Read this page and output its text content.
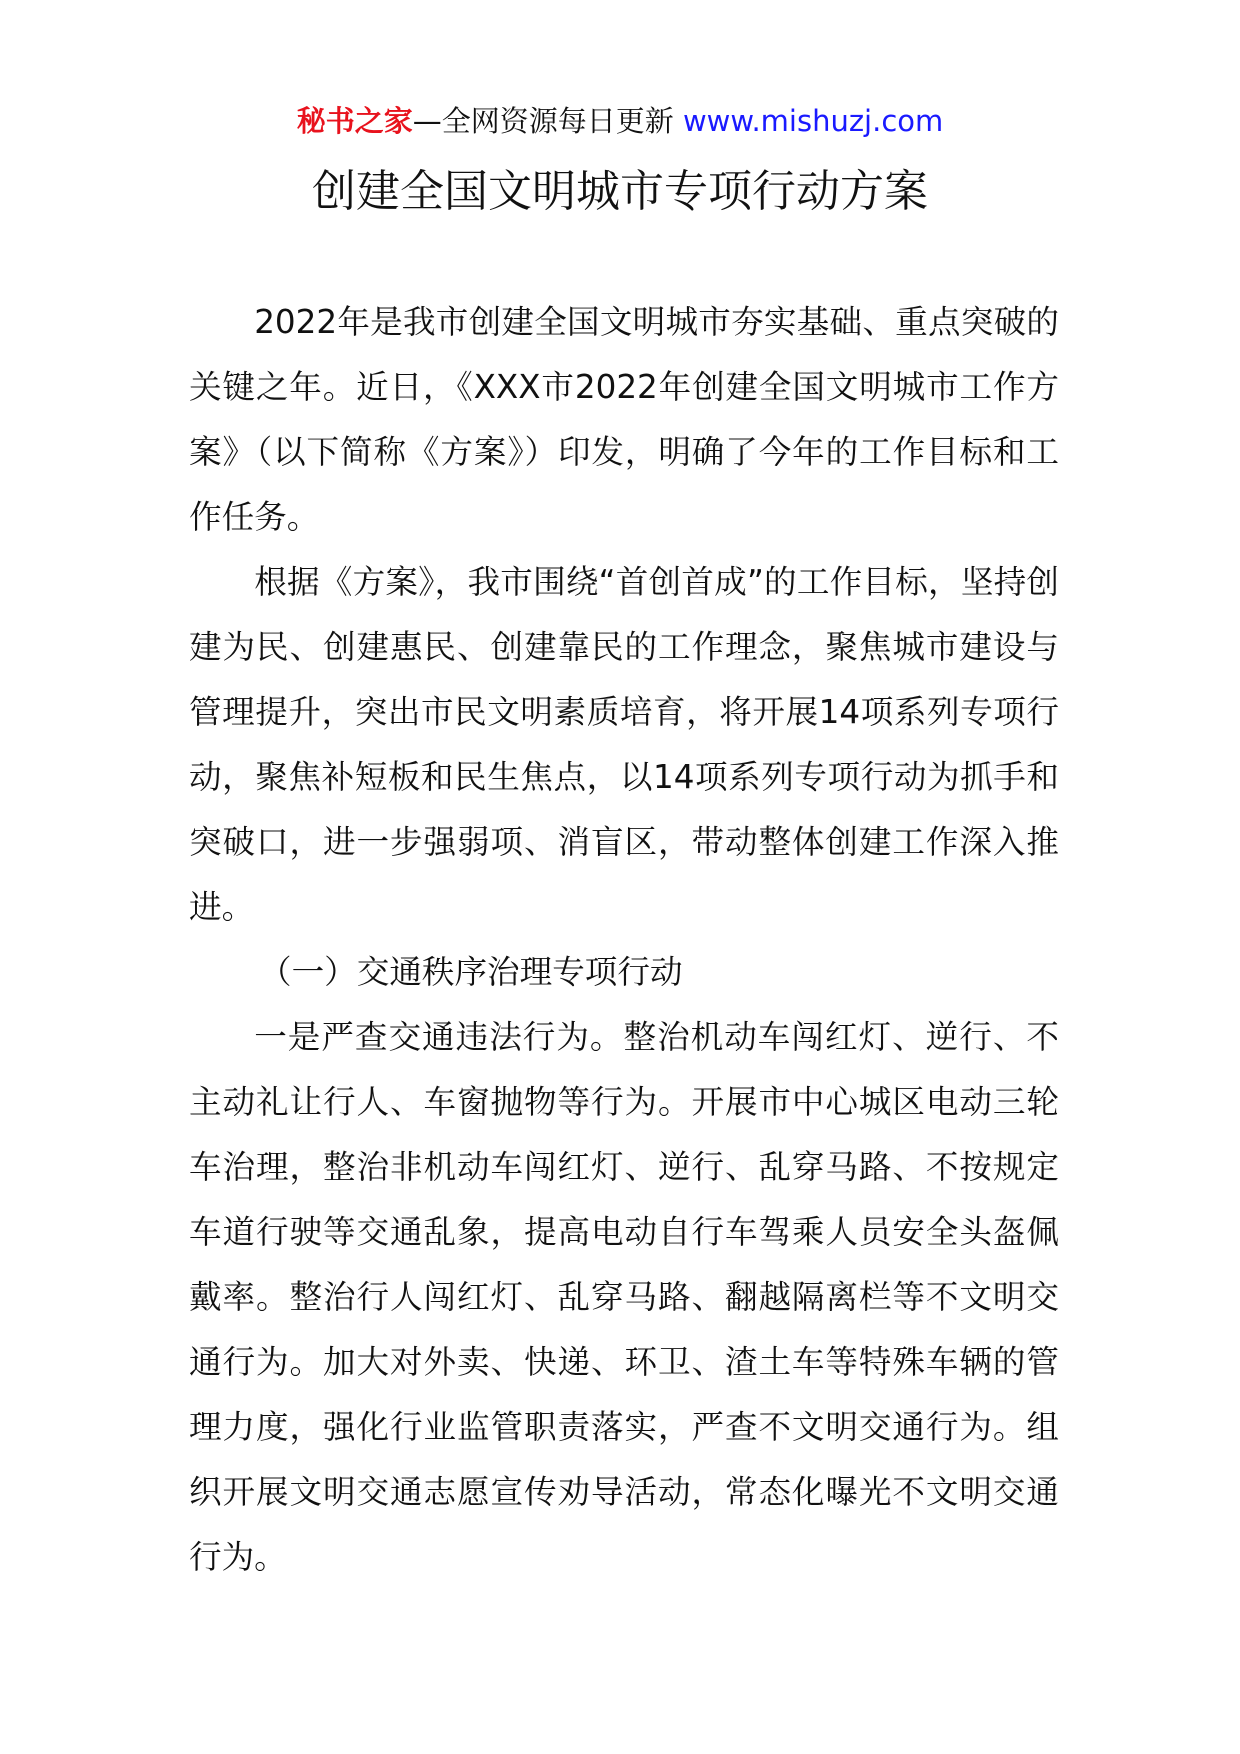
秘书之家—全网资源每日更新 www.mishuzj.com
创建全国文明城市专项行动方案

2022年是我市创建全国文明城市夯实基础、重点突破的关键之年。近日，《XXX市2022年创建全国文明城市工作方案》（以下简称《方案》）印发，明确了今年的工作目标和工作任务。

根据《方案》，我市围绕“首创首成”的工作目标，坚持创建为民、创建惠民、创建靠民的工作理念，聚焦城市建设与管理提升，突出市民文明素质培育，将开展14项系列专项行动，聚焦补短板和民生焦点，以14项系列专项行动为抓手和突破口，进一步强弱项、消盲区，带动整体创建工作深入推进。

（一）交通秩序治理专项行动

一是严查交通违法行为。整治机动车闯红灯、逆行、不主动礼让行人、车窗抛物等行为。开展市中心城区电动三轮车治理，整治非机动车闯红灯、逆行、乱穿马路、不按规定车道行驶等交通乱象，提高电动自行车驾乘人员安全头盔佩戴率。整治行人闯红灯、乱穿马路、翻越隔离栏等不文明交通行为。加大对外卖、快递、环卫、渣土车等特殊车辆的管理力度，强化行业监管职责落实，严查不文明交通行为。组织开展文明交通志愿宣传劝导活动，常态化曝光不文明交通行为。
